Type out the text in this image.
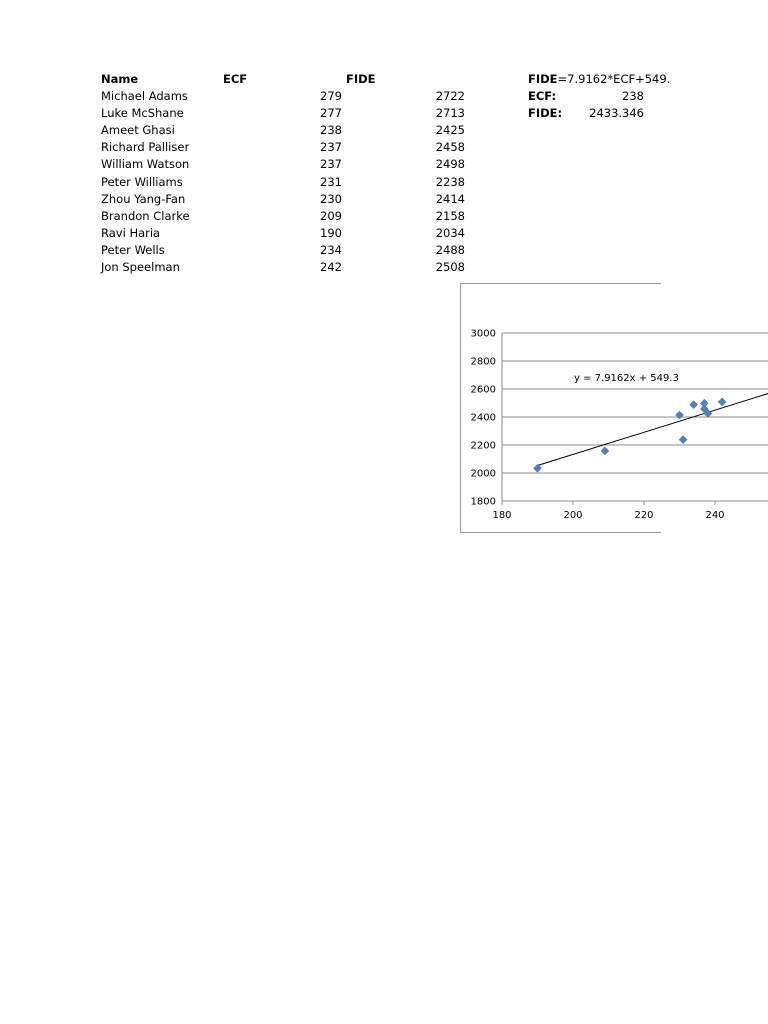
Name	ECF	FIDE
Michael Adams	279	2722
Luke McShane	277	2713
Ameet Ghasi	238	2425
Richard Palliser	237	2458
William Watson	237	2498
Peter Williams	231	2238
Zhou Yang-Fan	230	2414
Brandon Clarke	209	2158
Ravi Haria	190	2034
Peter Wells	234	2488
Jon Speelman	242	2508
FIDE=7.9162*ECF+549.
ECF:	238
FIDE:	2433.346
3000
2800
2600
2400
2200
2000
1800
180	200	220	240
y = 7.9162x + 549.3
